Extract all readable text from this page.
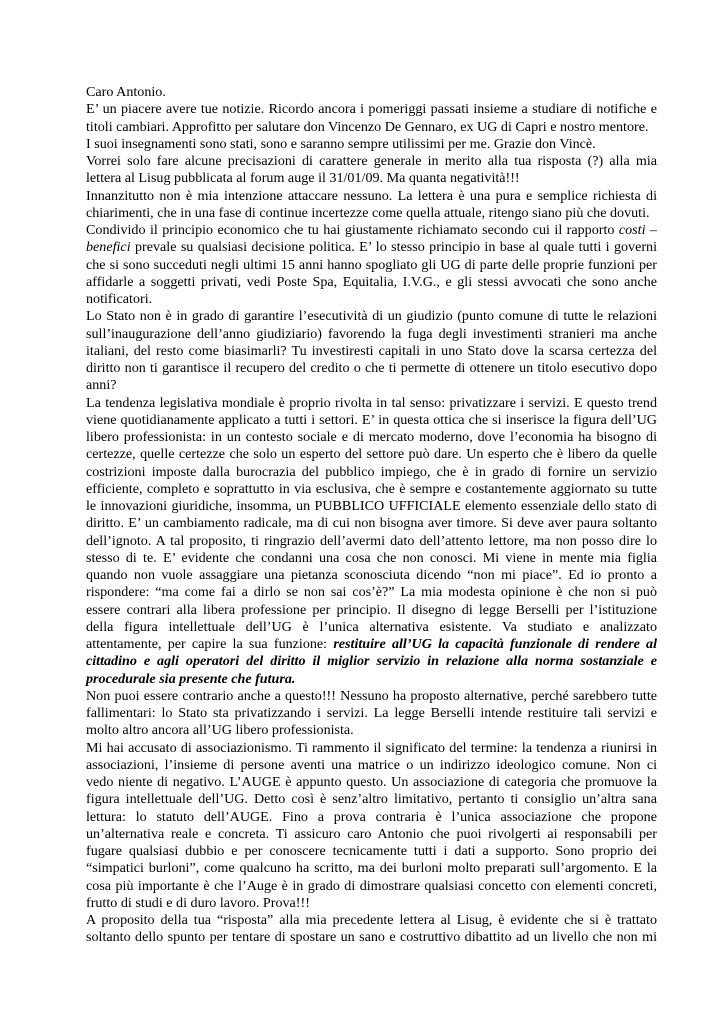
Caro Antonio.
E’ un piacere avere tue notizie. Ricordo ancora i pomeriggi passati insieme a studiare di notifiche e
titoli cambiari. Approfitto per salutare don Vincenzo De Gennaro, ex UG di Capri e nostro mentore.
I suoi insegnamenti sono stati, sono e saranno sempre utilissimi per me. Grazie don Vincè.
Vorrei solo fare alcune precisazioni di carattere generale in merito alla tua risposta (?) alla mia
lettera al Lisug pubblicata al forum auge il 31/01/09. Ma quanta negatività!!!
Innanzitutto non è mia intenzione attaccare nessuno. La lettera è una pura e semplice richiesta di
chiarimenti, che in una fase di continue incertezze come quella attuale, ritengo siano più che dovuti.
Condivido il principio economico che tu hai giustamente richiamato secondo cui il rapporto costi –
benefici prevale su qualsiasi decisione politica. E’ lo stesso principio in base al quale tutti i governi
che si sono succeduti negli ultimi 15 anni hanno spogliato gli UG di parte delle proprie funzioni per
affidarle a soggetti privati, vedi Poste Spa, Equitalia, I.V.G., e gli stessi avvocati che sono anche
notificatori.
Lo Stato non è in grado di garantire l’esecutività di un giudizio (punto comune di tutte le relazioni
sull’inaugurazione dell’anno giudiziario) favorendo la fuga degli investimenti stranieri ma anche
italiani, del resto come biasimarli? Tu investiresti capitali in uno Stato dove la scarsa certezza del
diritto non ti garantisce il recupero del credito o che ti permette di ottenere un titolo esecutivo dopo
anni?
La tendenza legislativa mondiale è proprio rivolta in tal senso: privatizzare i servizi. E questo trend
viene quotidianamente applicato a tutti i settori. E’ in questa ottica che si inserisce la figura dell’UG
libero professionista: in un contesto sociale e di mercato moderno, dove l’economia ha bisogno di
certezze, quelle certezze che solo un esperto del settore può dare. Un esperto che è libero da quelle
costrizioni imposte dalla burocrazia del pubblico impiego, che è in grado di fornire un servizio
efficiente, completo e soprattutto in via esclusiva, che è sempre e costantemente aggiornato su tutte
le innovazioni giuridiche, insomma, un PUBBLICO UFFICIALE elemento essenziale dello stato di
diritto. E’ un cambiamento radicale, ma di cui non bisogna aver timore. Si deve aver paura soltanto
dell’ignoto. A tal proposito, ti ringrazio dell’avermi dato dell’attento lettore, ma non posso dire lo
stesso di te. E’ evidente che condanni una cosa che non conosci. Mi viene in mente mia figlia
quando non vuole assaggiare una pietanza sconosciuta dicendo “non mi piace”. Ed io pronto a
rispondere: “ma come fai a dirlo se non sai cos’è?” La mia modesta opinione è che non si può
essere contrari alla libera professione per principio. Il disegno di legge Berselli per l’istituzione
della figura intellettuale dell’UG è l’unica alternativa esistente. Va studiato e analizzato
attentamente, per capire la sua funzione: restituire all’UG la capacità funzionale di rendere al
cittadino e agli operatori del diritto il miglior servizio in relazione alla norma sostanziale e
procedurale sia presente che futura.
Non puoi essere contrario anche a questo!!! Nessuno ha proposto alternative, perché sarebbero tutte
fallimentari: lo Stato sta privatizzando i servizi. La legge Berselli intende restituire tali servizi e
molto altro ancora all’UG libero professionista.
Mi hai accusato di associazionismo. Ti rammento il significato del termine: la tendenza a riunirsi in
associazioni, l’insieme di persone aventi una matrice o un indirizzo ideologico comune. Non ci
vedo niente di negativo. L’AUGE è appunto questo. Un associazione di categoria che promuove la
figura intellettuale dell’UG. Detto così è senz’altro limitativo, pertanto ti consiglio un’altra sana
lettura: lo statuto dell’AUGE. Fino a prova contraria è l’unica associazione che propone
un’alternativa reale e concreta. Ti assicuro caro Antonio che puoi rivolgerti ai responsabili per
fugare qualsiasi dubbio e per conoscere tecnicamente tutti i dati a supporto. Sono proprio dei
“simpatici burloni”, come qualcuno ha scritto, ma dei burloni molto preparati sull’argomento. E la
cosa più importante è che l’Auge è in grado di dimostrare qualsiasi concetto con elementi concreti,
frutto di studi e di duro lavoro. Prova!!!
A proposito della tua “risposta” alla mia precedente lettera al Lisug, è evidente che si è trattato
soltanto dello spunto per tentare di spostare un sano e costruttivo dibattito ad un livello che non mi
